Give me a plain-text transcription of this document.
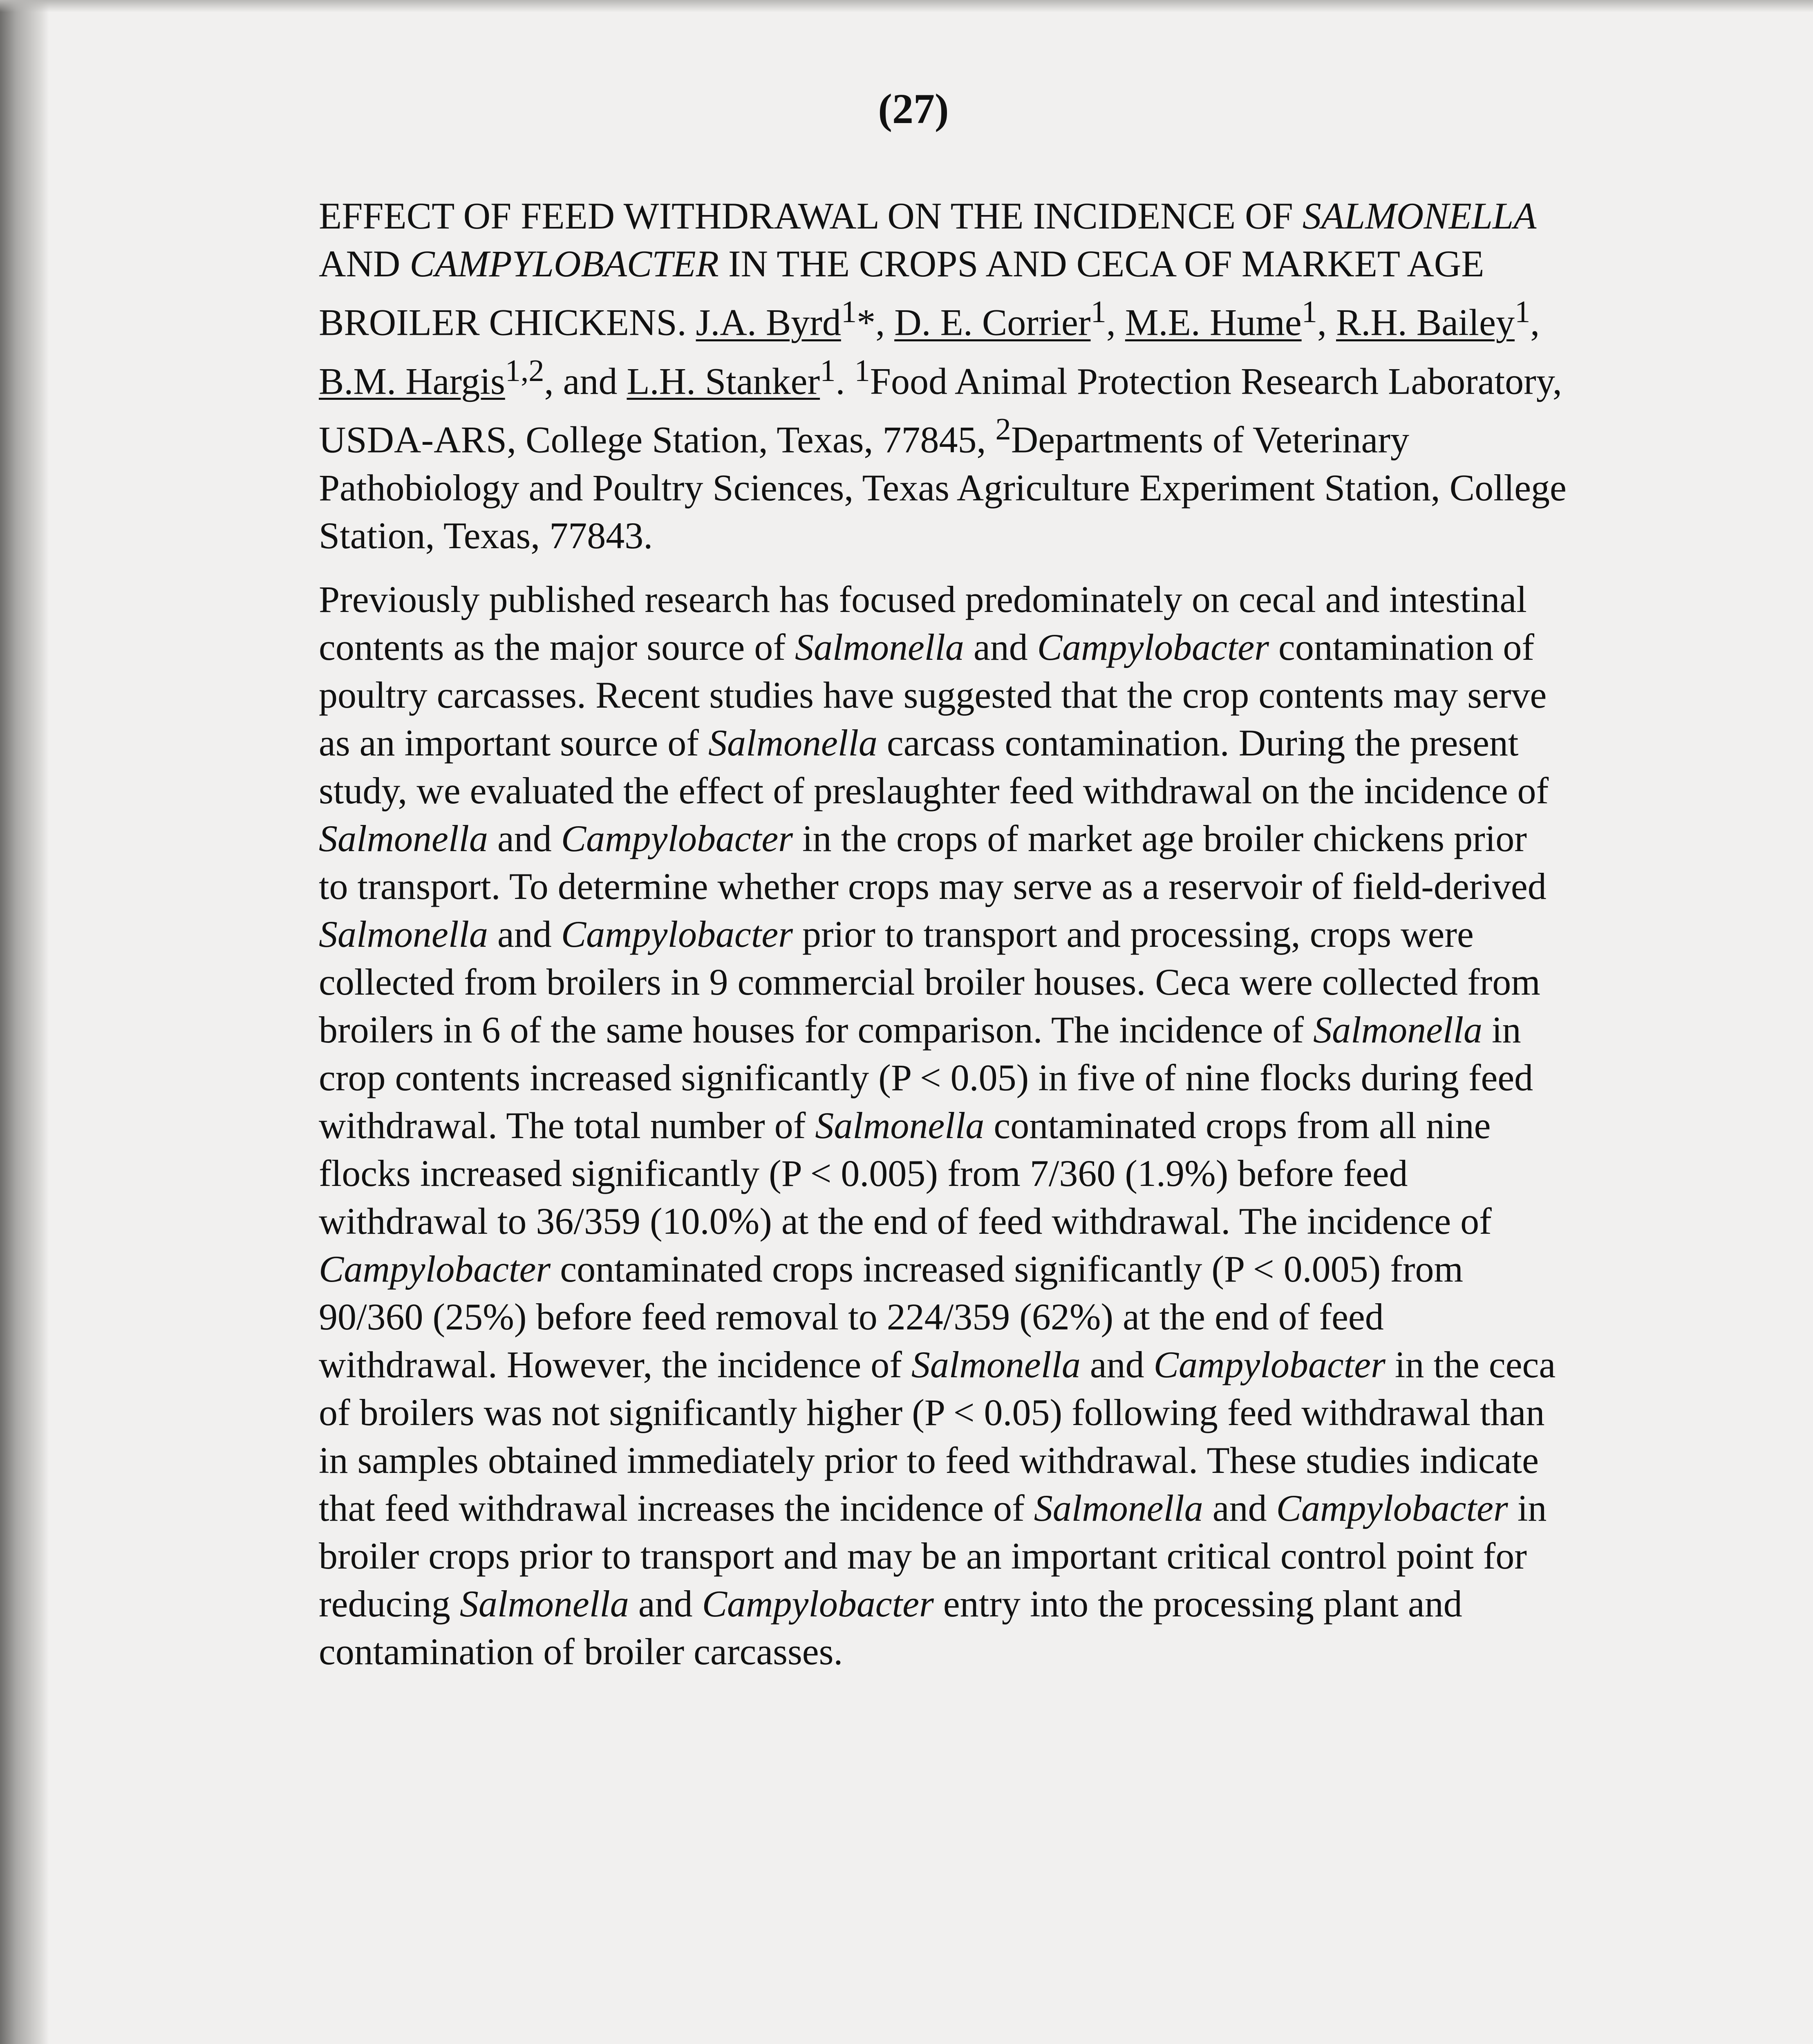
(27)

EFFECT OF FEED WITHDRAWAL ON THE INCIDENCE OF SALMONELLA
AND CAMPYLOBACTER IN THE CROPS AND CECA OF MARKET AGE
BROILER CHICKENS. J.A. Byrd$^1$*, D. E. Corrier$^1$, M.E. Hume$^1$, R.H. Bailey$^1$,
B.M. Hargis$^{1,2}$, and L.H. Stanker$^1$. $^1$Food Animal Protection Research Laboratory,
USDA-ARS, College Station, Texas, 77845, $^2$Departments of Veterinary
Pathobiology and Poultry Sciences, Texas Agriculture Experiment Station, College
Station, Texas, 77843.

Previously published research has focused predominately on cecal and intestinal
contents as the major source of Salmonella and Campylobacter contamination of
poultry carcasses. Recent studies have suggested that the crop contents may serve
as an important source of Salmonella carcass contamination. During the present
study, we evaluated the effect of preslaughter feed withdrawal on the incidence of
Salmonella and Campylobacter in the crops of market age broiler chickens prior
to transport. To determine whether crops may serve as a reservoir of field-derived
Salmonella and Campylobacter prior to transport and processing, crops were
collected from broilers in 9 commercial broiler houses. Ceca were collected from
broilers in 6 of the same houses for comparison. The incidence of Salmonella in
crop contents increased significantly (P < 0.05) in five of nine flocks during feed
withdrawal. The total number of Salmonella contaminated crops from all nine
flocks increased significantly (P < 0.005) from 7/360 (1.9%) before feed
withdrawal to 36/359 (10.0%) at the end of feed withdrawal. The incidence of
Campylobacter contaminated crops increased significantly (P < 0.005) from
90/360 (25%) before feed removal to 224/359 (62%) at the end of feed
withdrawal. However, the incidence of Salmonella and Campylobacter in the ceca
of broilers was not significantly higher (P < 0.05) following feed withdrawal than
in samples obtained immediately prior to feed withdrawal. These studies indicate
that feed withdrawal increases the incidence of Salmonella and Campylobacter in
broiler crops prior to transport and may be an important critical control point for
reducing Salmonella and Campylobacter entry into the processing plant and
contamination of broiler carcasses.
